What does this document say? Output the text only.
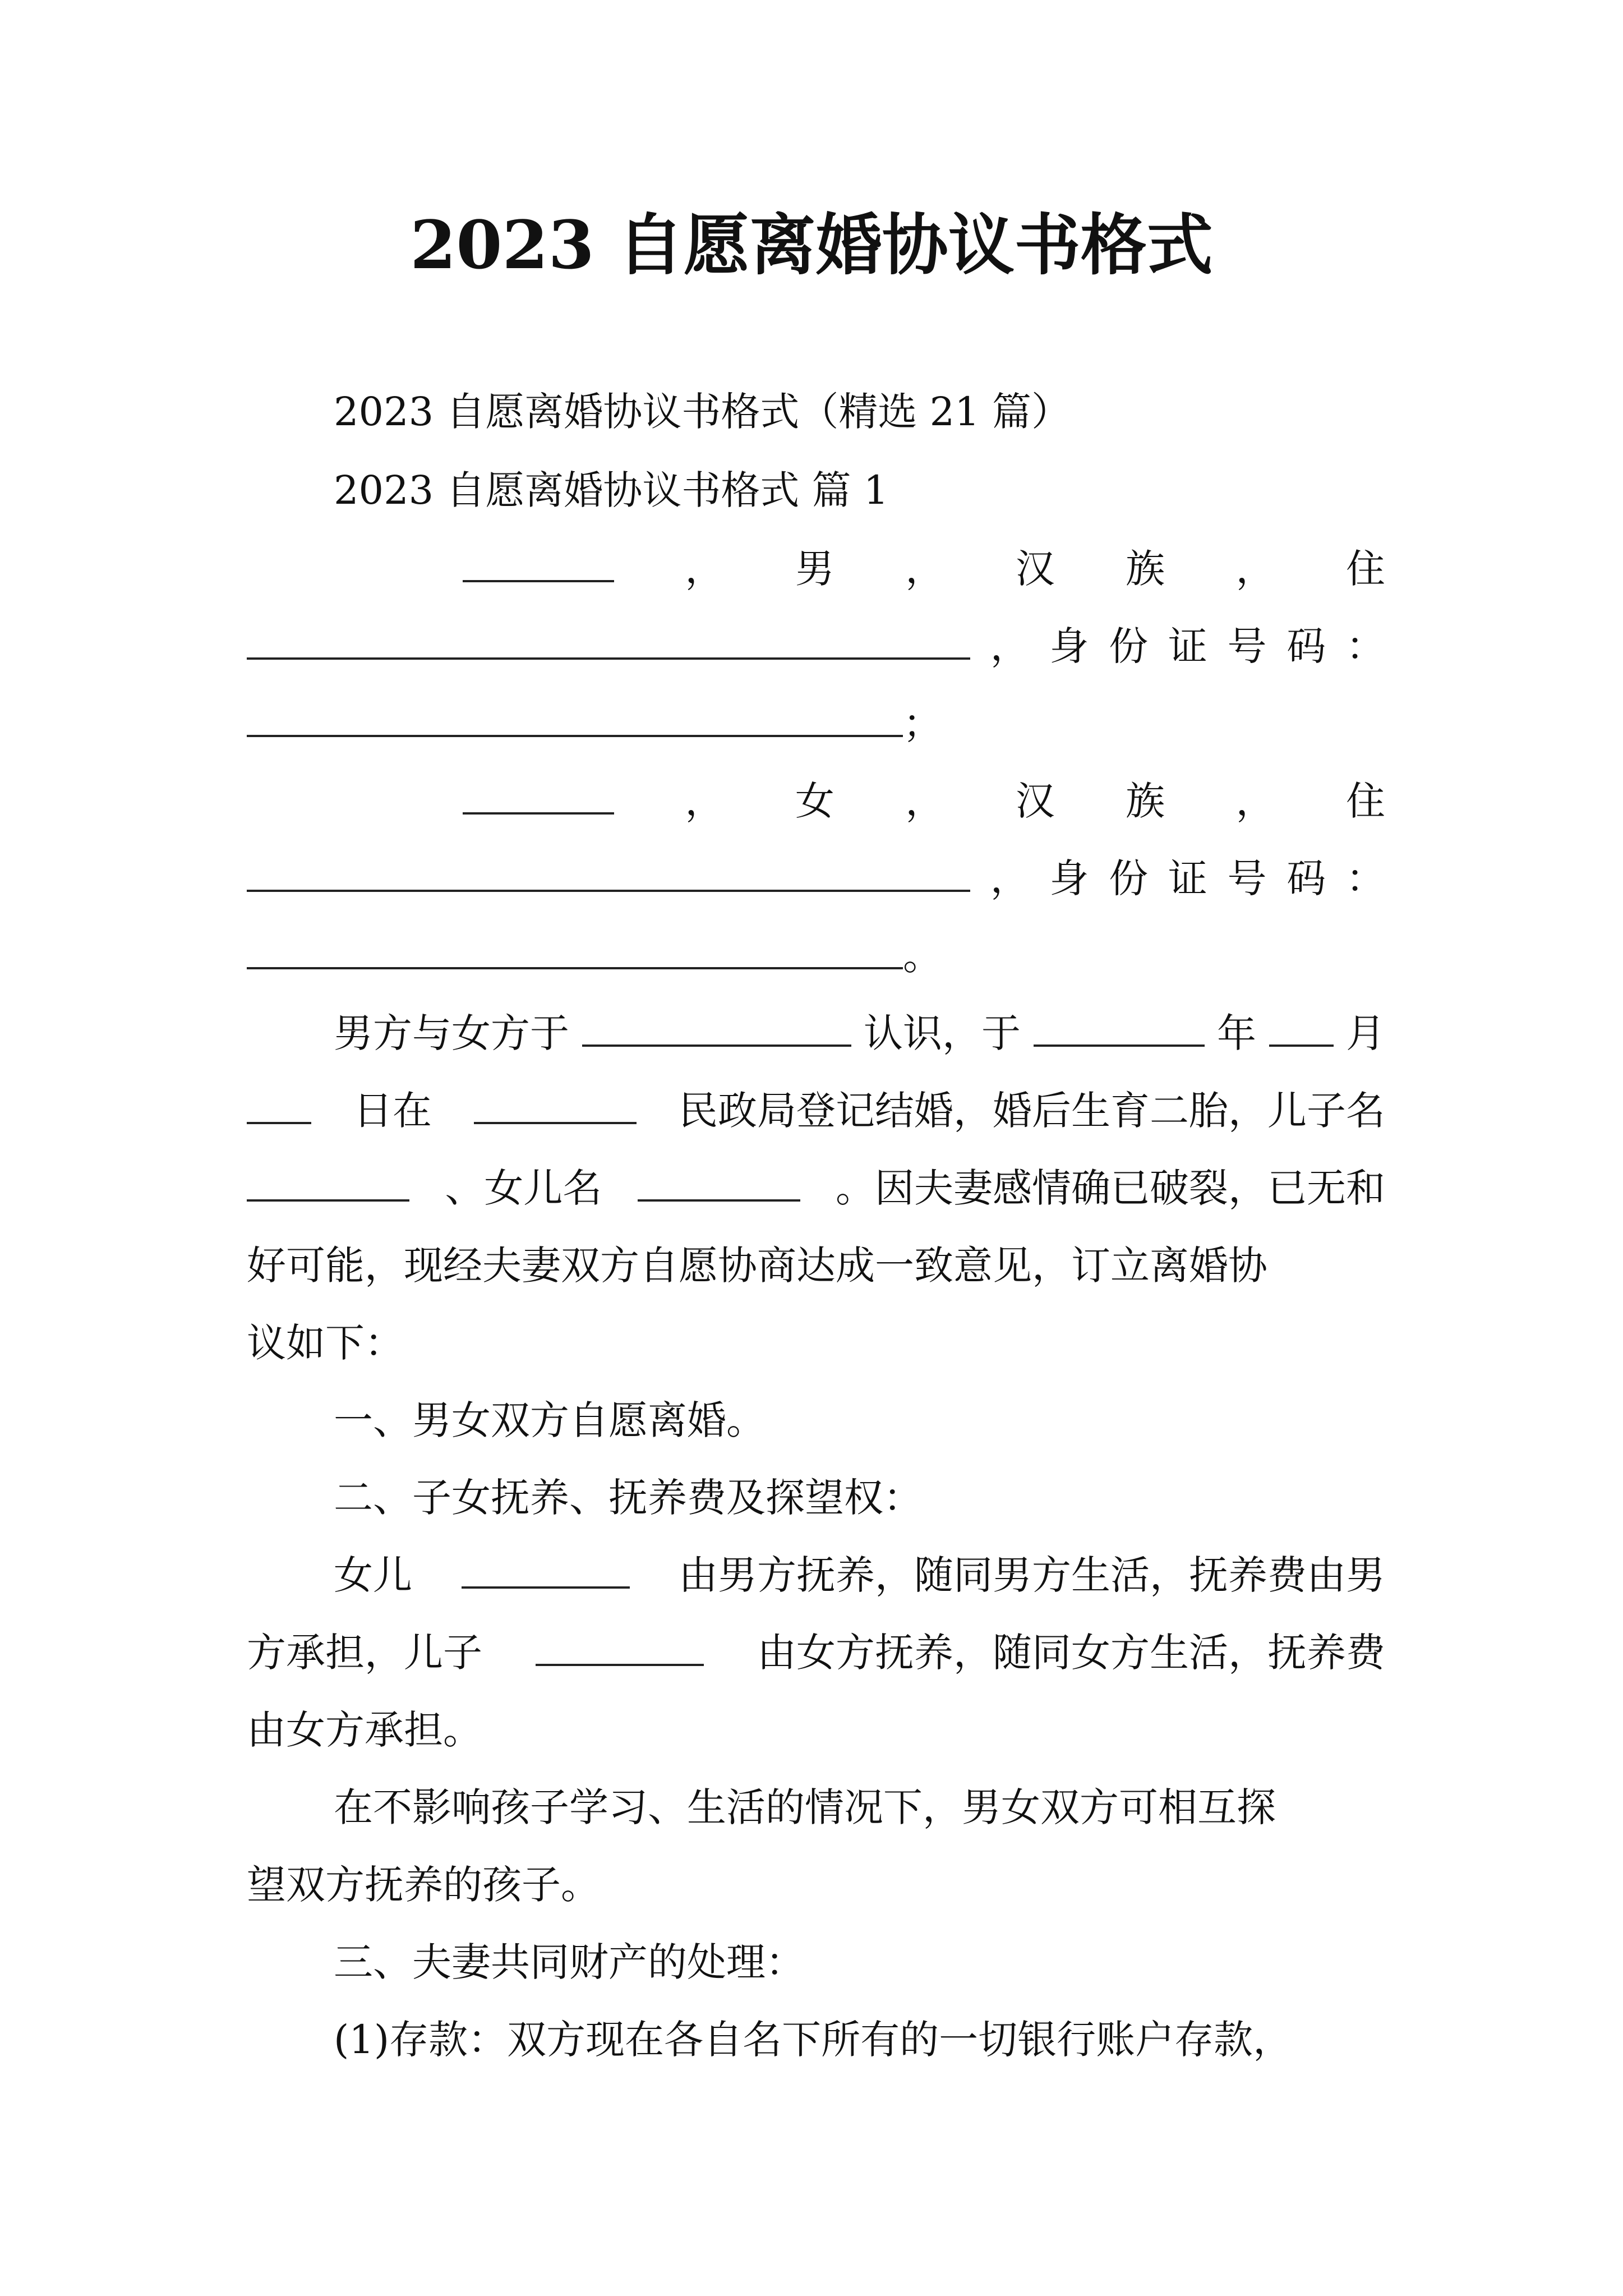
2023 自愿离婚协议书格式
2023 自愿离婚协议书格式（精选 21 篇）
2023 自愿离婚协议书格式 篇 1
， 男 ， 汉 族 ， 住
， 身 份 证 号 码 ：
；
， 女 ， 汉 族 ， 住
， 身 份 证 号 码 ：
。
男方与女方于	认识，于	年 月
日在	民政局登记结婚，婚后生育二胎，儿子名
、女儿名	。因夫妻感情确已破裂，已无和
好可能，现经夫妻双方自愿协商达成一致意见，订立离婚协
议如下：
一、男女双方自愿离婚。
二、子女抚养、抚养费及探望权：
女儿	由男方抚养，随同男方生活，抚养费由男
方承担，儿子	由女方抚养，随同女方生活，抚养费
由女方承担。
在不影响孩子学习、生活的情况下，男女双方可相互探
望双方抚养的孩子。
三、夫妻共同财产的处理：
(1)存款：双方现在各自名下所有的一切银行账户存款，
